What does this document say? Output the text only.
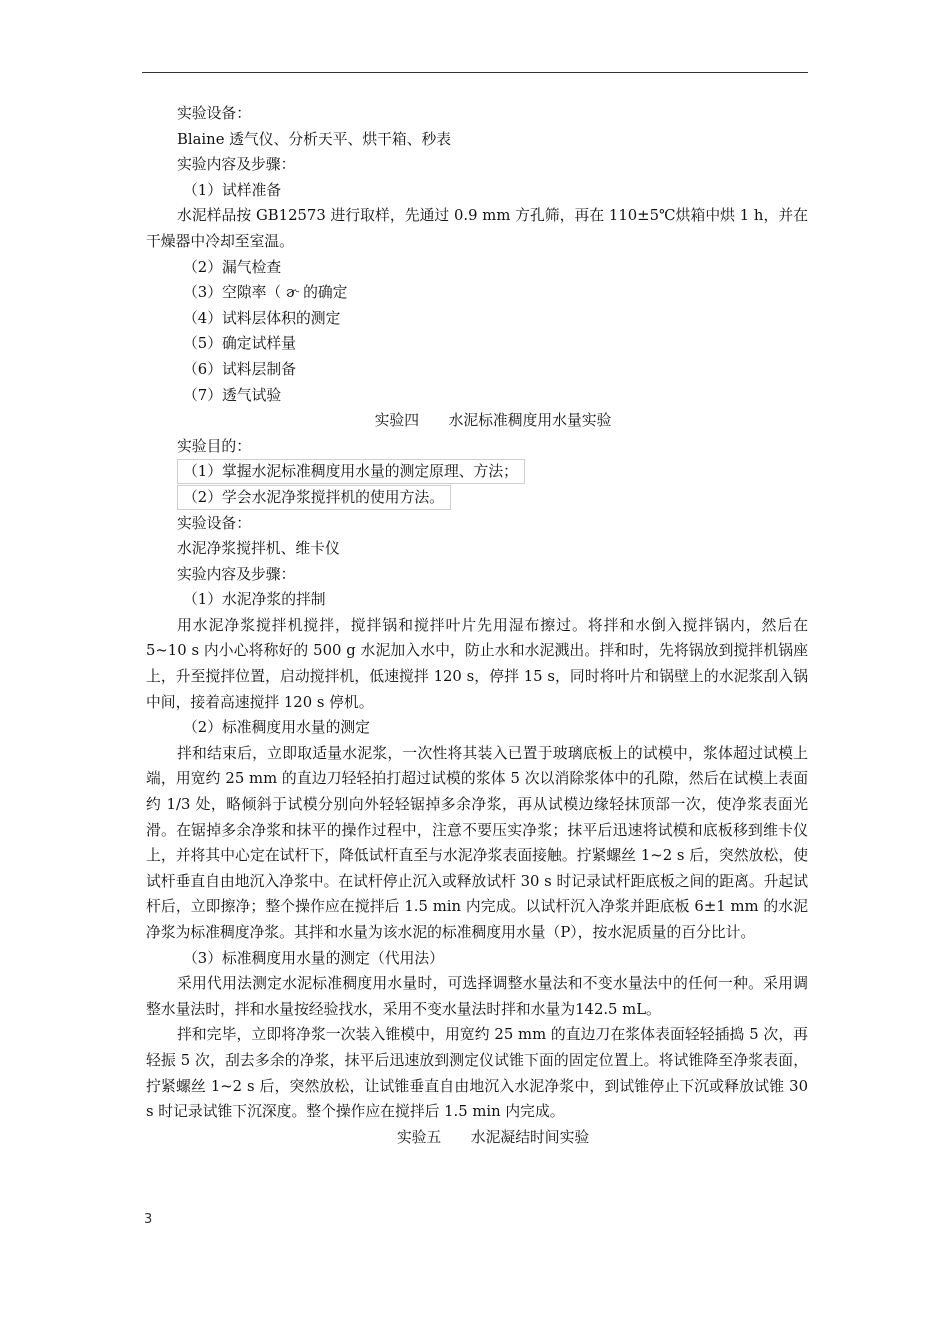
实验设备：
Blaine 透气仪、分析天平、烘干箱、秒表
实验内容及步骤：
（1）试样准备
水泥样品按 GB12573 进行取样，先通过 0.9 mm 方孔筛，再在 110±5℃烘箱中烘 1 h，并在干燥器中冷却至室温。
（2）漏气检查
（3）空隙率（ ɚ 的确定
（4）试料层体积的测定
（5）确定试样量
（6）试料层制备
（7）透气试验
实验四　　水泥标准稠度用水量实验
实验目的：
（1）掌握水泥标准稠度用水量的测定原理、方法；
（2）学会水泥净浆搅拌机的使用方法。
实验设备：
水泥净浆搅拌机、维卡仪
实验内容及步骤：
（1）水泥净浆的拌制
用水泥净浆搅拌机搅拌，搅拌锅和搅拌叶片先用湿布擦过。将拌和水倒入搅拌锅内，然后在 5~10 s 内小心将称好的 500 g 水泥加入水中，防止水和水泥溅出。拌和时，先将锅放到搅拌机锅座上，升至搅拌位置，启动搅拌机，低速搅拌 120 s，停拌 15 s，同时将叶片和锅壁上的水泥浆刮入锅中间，接着高速搅拌 120 s 停机。
（2）标准稠度用水量的测定
拌和结束后，立即取适量水泥浆，一次性将其装入已置于玻璃底板上的试模中，浆体超过试模上端，用宽约 25 mm 的直边刀轻轻拍打超过试模的浆体 5 次以消除浆体中的孔隙，然后在试模上表面约 1/3 处，略倾斜于试模分别向外轻轻锯掉多余净浆，再从试模边缘轻抹顶部一次，使净浆表面光滑。在锯掉多余净浆和抹平的操作过程中，注意不要压实净浆；抹平后迅速将试模和底板移到维卡仪上，并将其中心定在试杆下，降低试杆直至与水泥净浆表面接触。拧紧螺丝 1~2 s 后，突然放松，使试杆垂直自由地沉入净浆中。在试杆停止沉入或释放试杆 30 s 时记录试杆距底板之间的距离。升起试杆后，立即擦净；整个操作应在搅拌后 1.5 min 内完成。以试杆沉入净浆并距底板 6±1 mm 的水泥净浆为标准稠度净浆。其拌和水量为该水泥的标准稠度用水量（P），按水泥质量的百分比计。
（3）标准稠度用水量的测定（代用法）
采用代用法测定水泥标准稠度用水量时，可选择调整水量法和不变水量法中的任何一种。采用调整水量法时，拌和水量按经验找水，采用不变水量法时拌和水量为142.5 mL。
拌和完毕，立即将净浆一次装入锥模中，用宽约 25 mm 的直边刀在浆体表面轻轻插捣 5 次，再轻振 5 次，刮去多余的净浆，抹平后迅速放到测定仪试锥下面的固定位置上。将试锥降至净浆表面，拧紧螺丝 1~2 s 后，突然放松，让试锥垂直自由地沉入水泥净浆中，到试锥停止下沉或释放试锥 30 s 时记录试锥下沉深度。整个操作应在搅拌后 1.5 min 内完成。
实验五　　水泥凝结时间实验
3
